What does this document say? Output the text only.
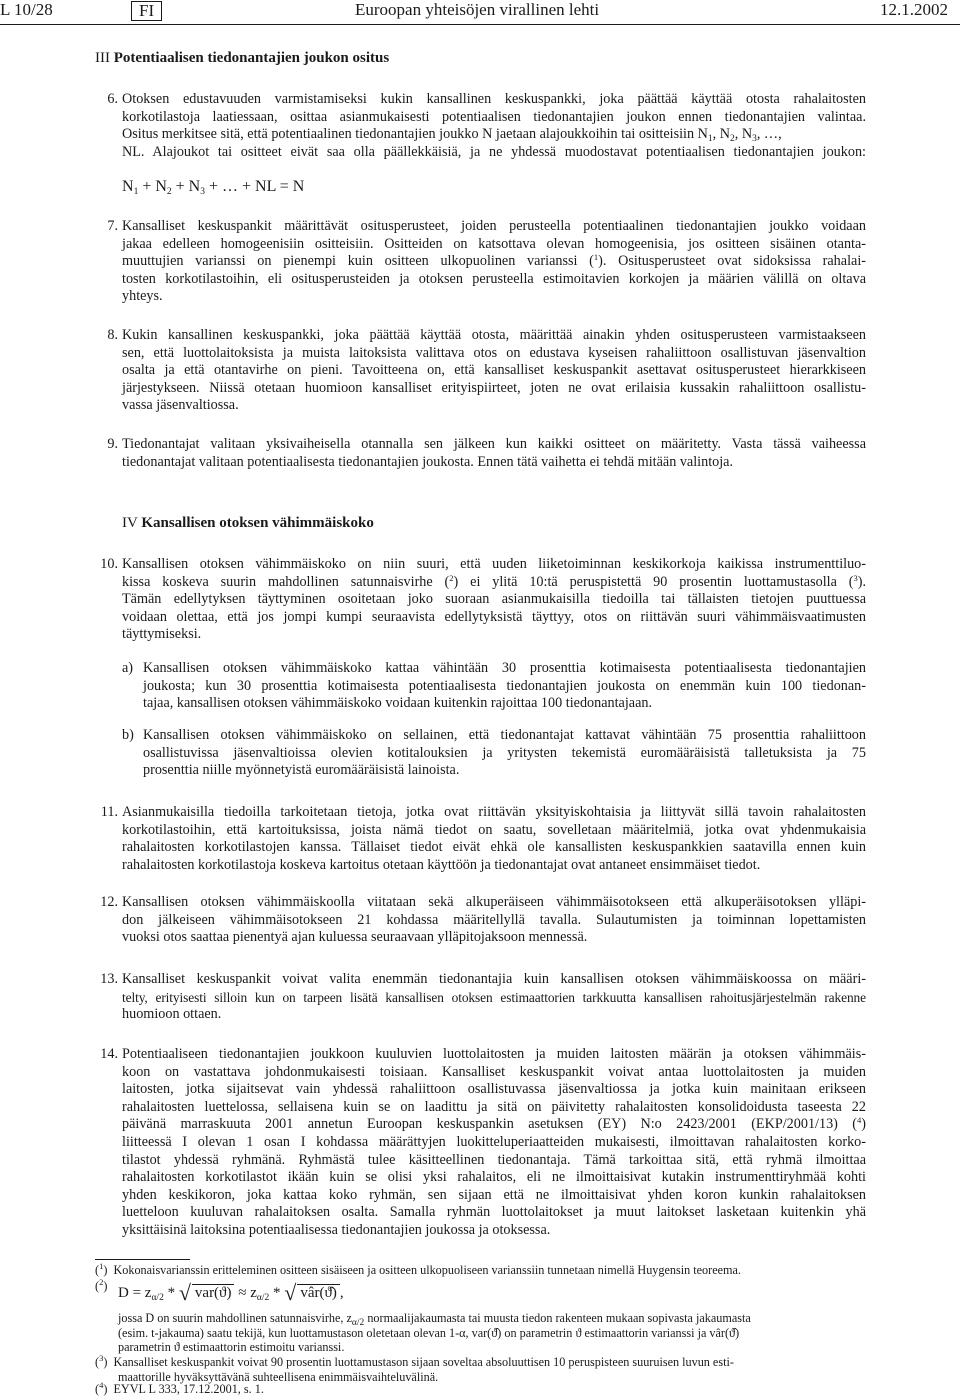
L 10/28	FI	Euroopan yhteisöjen virallinen lehti	12.1.2002
III Potentiaalisen tiedonantajien joukon ositus
6. Otoksen edustavuuden varmistamiseksi kukin kansallinen keskuspankki, joka päättää käyttää otosta rahalaitosten
korkotilastoja laatiessaan, osittaa asianmukaisesti potentiaalisen tiedonantajien joukon ennen tiedonantajien valintaa.
Ositus merkitsee sitä, että potentiaalinen tiedonantajien joukko N jaetaan alajoukkoihin tai ositteisiin $N_1$, $N_2$, $N_3$, …,
NL. Alajoukot tai ositteet eivät saa olla päällekkäisiä, ja ne yhdessä muodostavat potentiaalisen tiedonantajien joukon:
$N_1 + N_2 + N_3$ + … + NL = N
7. Kansalliset keskuspankit määrittävät ositusperusteet, joiden perusteella potentiaalinen tiedonantajien joukko voidaan
jakaa edelleen homogeenisiin ositteisiin. Ositteiden on katsottava olevan homogeenisia, jos ositteen sisäinen otanta-
muuttujien varianssi on pienempi kuin ositteen ulkopuolinen varianssi ($^1$). Ositusperusteet ovat sidoksissa rahalai-
tosten korkotilastoihin, eli ositusperusteiden ja otoksen perusteella estimoitavien korkojen ja määrien välillä on oltava
yhteys.
8. Kukin kansallinen keskuspankki, joka päättää käyttää otosta, määrittää ainakin yhden ositusperusteen varmistaakseen
sen, että luottolaitoksista ja muista laitoksista valittava otos on edustava kyseisen rahaliittoon osallistuvan jäsenvaltion
osalta ja että otantavirhe on pieni. Tavoitteena on, että kansalliset keskuspankit asettavat ositusperusteet hierarkkiseen
järjestykseen. Niissä otetaan huomioon kansalliset erityispiirteet, joten ne ovat erilaisia kussakin rahaliittoon osallistu-
vassa jäsenvaltiossa.
9. Tiedonantajat valitaan yksivaiheisella otannalla sen jälkeen kun kaikki ositteet on määritetty. Vasta tässä vaiheessa
tiedonantajat valitaan potentiaalisesta tiedonantajien joukosta. Ennen tätä vaihetta ei tehdä mitään valintoja.
IV Kansallisen otoksen vähimmäiskoko
10. Kansallisen otoksen vähimmäiskoko on niin suuri, että uuden liiketoiminnan keskikorkoja kaikissa instrumenttiluo-
kissa koskeva suurin mahdollinen satunnaisvirhe ($^2$) ei ylitä 10:tä peruspistettä 90 prosentin luottamustasolla ($^3$).
Tämän edellytyksen täyttyminen osoitetaan joko suoraan asianmukaisilla tiedoilla tai tällaisten tietojen puuttuessa
voidaan olettaa, että jos jompi kumpi seuraavista edellytyksistä täyttyy, otos on riittävän suuri vähimmäisvaatimusten
täyttymiseksi.
a) Kansallisen otoksen vähimmäiskoko kattaa vähintään 30 prosenttia kotimaisesta potentiaalisesta tiedonantajien
joukosta; kun 30 prosenttia kotimaisesta potentiaalisesta tiedonantajien joukosta on enemmän kuin 100 tiedonan-
tajaa, kansallisen otoksen vähimmäiskoko voidaan kuitenkin rajoittaa 100 tiedonantajaan.
b) Kansallisen otoksen vähimmäiskoko on sellainen, että tiedonantajat kattavat vähintään 75 prosenttia rahaliittoon
osallistuvissa jäsenvaltioissa olevien kotitalouksien ja yritysten tekemistä euromääräisistä talletuksista ja 75
prosenttia niille myönnetyistä euromääräisistä lainoista.
11. Asianmukaisilla tiedoilla tarkoitetaan tietoja, jotka ovat riittävän yksityiskohtaisia ja liittyvät sillä tavoin rahalaitosten
korkotilastoihin, että kartoituksissa, joista nämä tiedot on saatu, sovelletaan määritelmiä, jotka ovat yhdenmukaisia
rahalaitosten korkotilastojen kanssa. Tällaiset tiedot eivät ehkä ole kansallisten keskuspankkien saatavilla ennen kuin
rahalaitosten korkotilastoja koskeva kartoitus otetaan käyttöön ja tiedonantajat ovat antaneet ensimmäiset tiedot.
12. Kansallisen otoksen vähimmäiskoolla viitataan sekä alkuperäiseen vähimmäisotokseen että alkuperäisotoksen ylläpi-
don jälkeiseen vähimmäisotokseen 21 kohdassa määritellyllä tavalla. Sulautumisten ja toiminnan lopettamisten
vuoksi otos saattaa pienentyä ajan kuluessa seuraavaan ylläpitojaksoon mennessä.
13. Kansalliset keskuspankit voivat valita enemmän tiedonantajia kuin kansallisen otoksen vähimmäiskoossa on määri-
telty, erityisesti silloin kun on tarpeen lisätä kansallisen otoksen estimaattorien tarkkuutta kansallisen rahoitusjärjestelmän rakenne
huomioon ottaen.
14. Potentiaaliseen tiedonantajien joukkoon kuuluvien luottolaitosten ja muiden laitosten määrän ja otoksen vähimmäis-
koon on vastattava johdonmukaisesti toisiaan. Kansalliset keskuspankit voivat antaa luottolaitosten ja muiden
laitosten, jotka sijaitsevat vain yhdessä rahaliittoon osallistuvassa jäsenvaltiossa ja jotka kuin mainitaan erikseen
rahalaitosten luettelossa, sellaisena kuin se on laadittu ja sitä on päivitetty rahalaitosten konsolidoidusta taseesta 22
päivänä marraskuuta 2001 annetun Euroopan keskuspankin asetuksen (EY) N:o 2423/2001 (EKP/2001/13) ($^4$)
liitteessä I olevan 1 osan I kohdassa määrättyjen luokitteluperiaatteiden mukaisesti, ilmoittavan rahalaitosten korko-
tilastot yhdessä ryhmänä. Ryhmästä tulee käsitteellinen tiedonantaja. Tämä tarkoittaa sitä, että ryhmä ilmoittaa
rahalaitosten korkotilastot ikään kuin se olisi yksi rahalaitos, eli ne ilmoittaisivat kutakin instrumenttiryhmää kohti
yhden keskikoron, joka kattaa koko ryhmän, sen sijaan että ne ilmoittaisivat yhden koron kunkin rahalaitoksen
luetteloon kuuluvan rahalaitoksen osalta. Samalla ryhmän luottolaitokset ja muut laitokset lasketaan kuitenkin yhä
yksittäisinä laitoksina potentiaalisessa tiedonantajien joukossa ja otoksessa.
($^1$)  Kokonaisvarianssin eritteleminen ositteen sisäiseen ja ositteen ulkopuoliseen varianssiin tunnetaan nimellä Huygensin teoreema.
($^2$) $D = z_{\alpha/2}$ * √ $var(ϑ) \approx z_{\alpha/2}$ * √ vâr(ϑ̂) ,
jossa D on suurin mahdollinen satunnaisvirhe, $z_{\alpha/2}$ normaalijakaumasta tai muusta tiedon rakenteen mukaan sopivasta jakaumasta
(esim. t-jakauma) saatu tekijä, kun luottamustason oletetaan olevan 1-α, var(ϑ̂) on parametrin ϑ estimaattorin varianssi ja vâr(ϑ̂)
parametrin ϑ estimaattorin estimoitu varianssi.
($^3$)  Kansalliset keskuspankit voivat 90 prosentin luottamustason sijaan soveltaa absoluuttisen 10 peruspisteen suuruisen luvun esti-
maattorille hyväksyttävänä suhteellisena enimmäisvaihteluvälinä.
($^4$)  EYVL L 333, 17.12.2001, s. 1.
